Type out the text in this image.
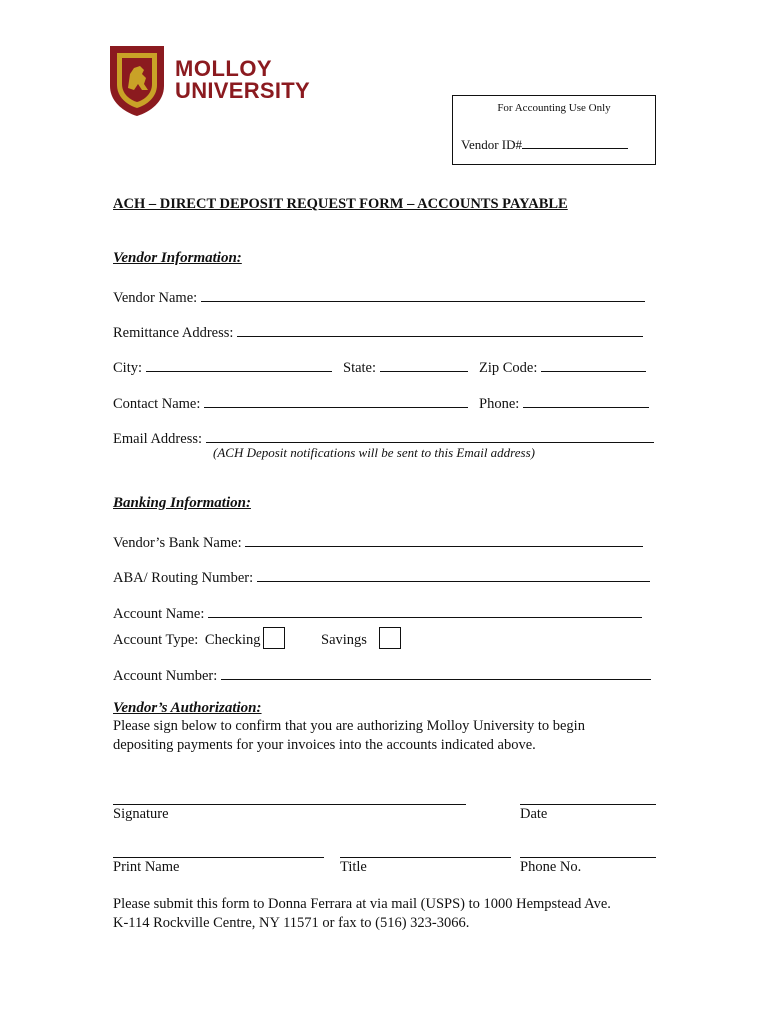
MOLLOY
UNIVERSITY
For Accounting Use Only
Vendor ID#
ACH – DIRECT DEPOSIT REQUEST FORM – ACCOUNTS PAYABLE
Vendor Information:
Vendor Name:
Remittance Address:
City:	State:	Zip Code:
Contact Name:	Phone:
Email Address:
(ACH Deposit notifications will be sent to this Email address)
Banking Information:
Vendor’s Bank Name:
ABA/ Routing Number:
Account Name:
Account Type: Checking	Savings
Account Number:
Vendor’s Authorization:
Please sign below to confirm that you are authorizing Molloy University to begin
depositing payments for your invoices into the accounts indicated above.
Signature	Date
Print Name	Title	Phone No.
Please submit this form to Donna Ferrara at via mail (USPS) to 1000 Hempstead Ave.
K-114 Rockville Centre, NY 11571 or fax to (516) 323-3066.
